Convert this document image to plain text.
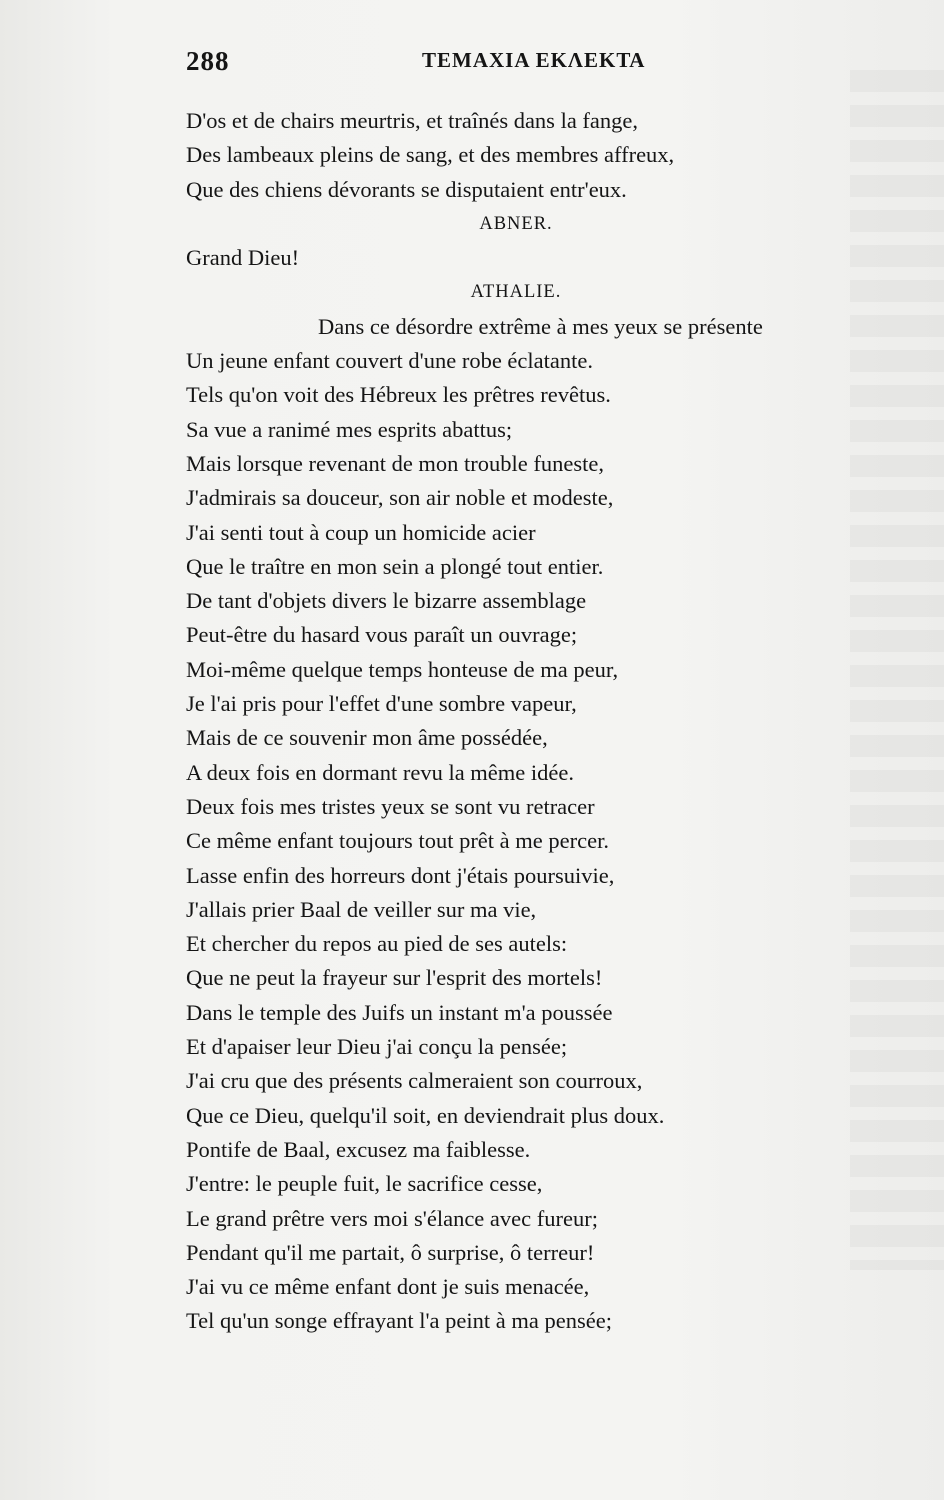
288	ΤΕΜΑΧΙΑ ΕΚΛΕΚΤΑ
D'os et de chairs meurtris, et traînés dans la fange,
Des lambeaux pleins de sang, et des membres affreux,
Que des chiens dévorants se disputaient entr'eux.
ABNER.
Grand Dieu!
ATHALIE.
Dans ce désordre extrême à mes yeux se présente
Un jeune enfant couvert d'une robe éclatante.
Tels qu'on voit des Hébreux les prêtres revêtus.
Sa vue a ranimé mes esprits abattus;
Mais lorsque revenant de mon trouble funeste,
J'admirais sa douceur, son air noble et modeste,
J'ai senti tout à coup un homicide acier
Que le traître en mon sein a plongé tout entier.
De tant d'objets divers le bizarre assemblage
Peut-être du hasard vous paraît un ouvrage;
Moi-même quelque temps honteuse de ma peur,
Je l'ai pris pour l'effet d'une sombre vapeur,
Mais de ce souvenir mon âme possédée,
A deux fois en dormant revu la même idée.
Deux fois mes tristes yeux se sont vu retracer
Ce même enfant toujours tout prêt à me percer.
Lasse enfin des horreurs dont j'étais poursuivie,
J'allais prier Baal de veiller sur ma vie,
Et chercher du repos au pied de ses autels:
Que ne peut la frayeur sur l'esprit des mortels!
Dans le temple des Juifs un instant m'a poussée
Et d'apaiser leur Dieu j'ai conçu la pensée;
J'ai cru que des présents calmeraient son courroux,
Que ce Dieu, quelqu'il soit, en deviendrait plus doux.
Pontife de Baal, excusez ma faiblesse.
J'entre: le peuple fuit, le sacrifice cesse,
Le grand prêtre vers moi s'élance avec fureur;
Pendant qu'il me partait, ô surprise, ô terreur!
J'ai vu ce même enfant dont je suis menacée,
Tel qu'un songe effrayant l'a peint à ma pensée;
